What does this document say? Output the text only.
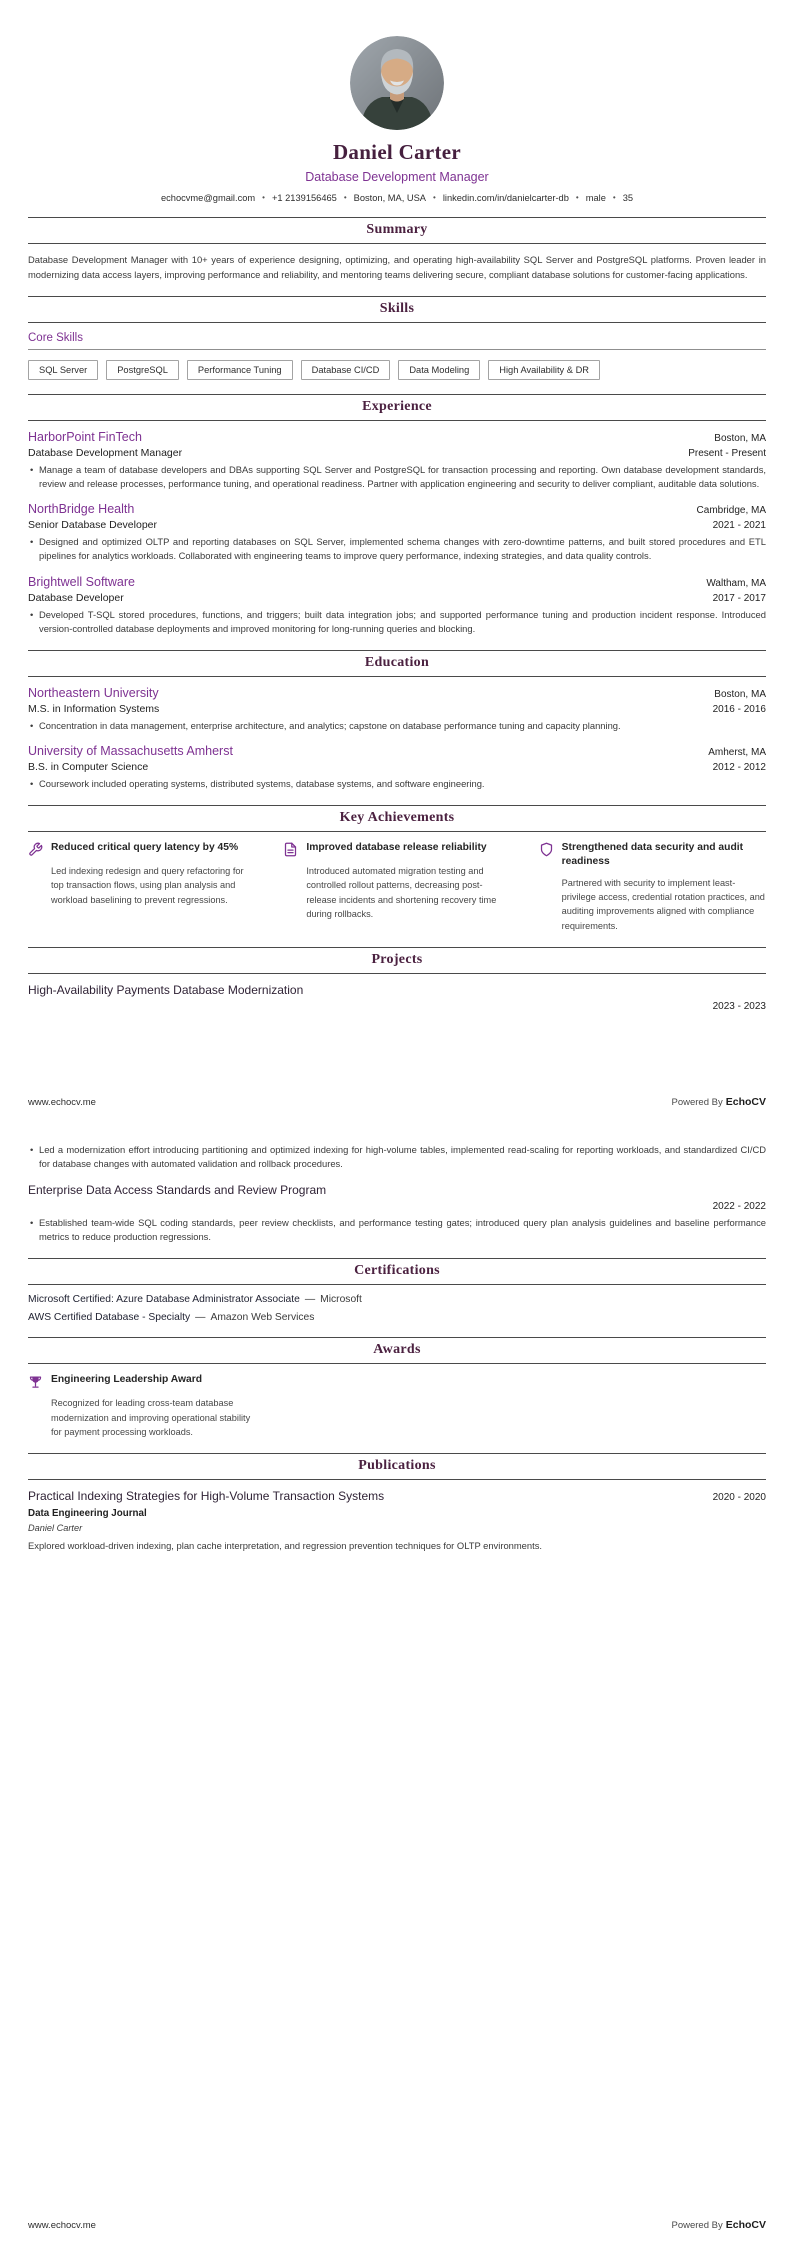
Daniel Carter
Database Development Manager
echocvme@gmail.com • +1 2139156465 • Boston, MA, USA • linkedin.com/in/danielcarter-db • male • 35
Summary

Database Development Manager with 10+ years of experience designing, optimizing, and operating high-availability SQL Server and PostgreSQL platforms. Proven leader in modernizing data access layers, improving performance and reliability, and mentoring teams delivering secure, compliant database solutions for customer-facing applications.

Skills
Core Skills
SQL Server	PostgreSQL	Performance Tuning	Database CI/CD	Data Modeling	High Availability & DR
Experience
HarborPoint FinTech	Boston, MA
Database Development Manager	Present - Present
• Manage a team of database developers and DBAs supporting SQL Server and PostgreSQL for transaction processing and reporting. Own database development standards, review and release processes, performance tuning, and operational readiness. Partner with application engineering and security to deliver compliant, auditable data solutions.
NorthBridge Health	Cambridge, MA
Senior Database Developer	2021 - 2021
• Designed and optimized OLTP and reporting databases on SQL Server, implemented schema changes with zero-downtime patterns, and built stored procedures and ETL pipelines for analytics workloads. Collaborated with engineering teams to improve query performance, indexing strategies, and data quality controls.
Brightwell Software	Waltham, MA
Database Developer	2017 - 2017
• Developed T-SQL stored procedures, functions, and triggers; built data integration jobs; and supported performance tuning and production incident response. Introduced version-controlled database deployments and improved monitoring for long-running queries and blocking.
Education
Northeastern University	Boston, MA
M.S. in Information Systems	2016 - 2016
• Concentration in data management, enterprise architecture, and analytics; capstone on database performance tuning and capacity planning.
University of Massachusetts Amherst	Amherst, MA
B.S. in Computer Science	2012 - 2012
• Coursework included operating systems, distributed systems, database systems, and software engineering.
Key Achievements
Reduced critical query latency by 45%
Led indexing redesign and query refactoring for top transaction flows, using plan analysis and workload baselining to prevent regressions.
Improved database release reliability
Introduced automated migration testing and controlled rollout patterns, decreasing post-release incidents and shortening recovery time during rollbacks.
Strengthened data security and audit readiness
Partnered with security to implement least-privilege access, credential rotation practices, and auditing improvements aligned with compliance requirements.
Projects
High-Availability Payments Database Modernization
2023 - 2023
www.echocv.me	Powered By EchoCV
• Led a modernization effort introducing partitioning and optimized indexing for high-volume tables, implemented read-scaling for reporting workloads, and standardized CI/CD for database changes with automated validation and rollback procedures.
Enterprise Data Access Standards and Review Program
2022 - 2022
• Established team-wide SQL coding standards, peer review checklists, and performance testing gates; introduced query plan analysis guidelines and baseline performance metrics to reduce production regressions.
Certifications
Microsoft Certified: Azure Database Administrator Associate — Microsoft
AWS Certified Database - Specialty — Amazon Web Services
Awards
Engineering Leadership Award
Recognized for leading cross-team database modernization and improving operational stability for payment processing workloads.
Publications
Practical Indexing Strategies for High-Volume Transaction Systems	2020 - 2020
Data Engineering Journal
Daniel Carter
Explored workload-driven indexing, plan cache interpretation, and regression prevention techniques for OLTP environments.
www.echocv.me	Powered By EchoCV
